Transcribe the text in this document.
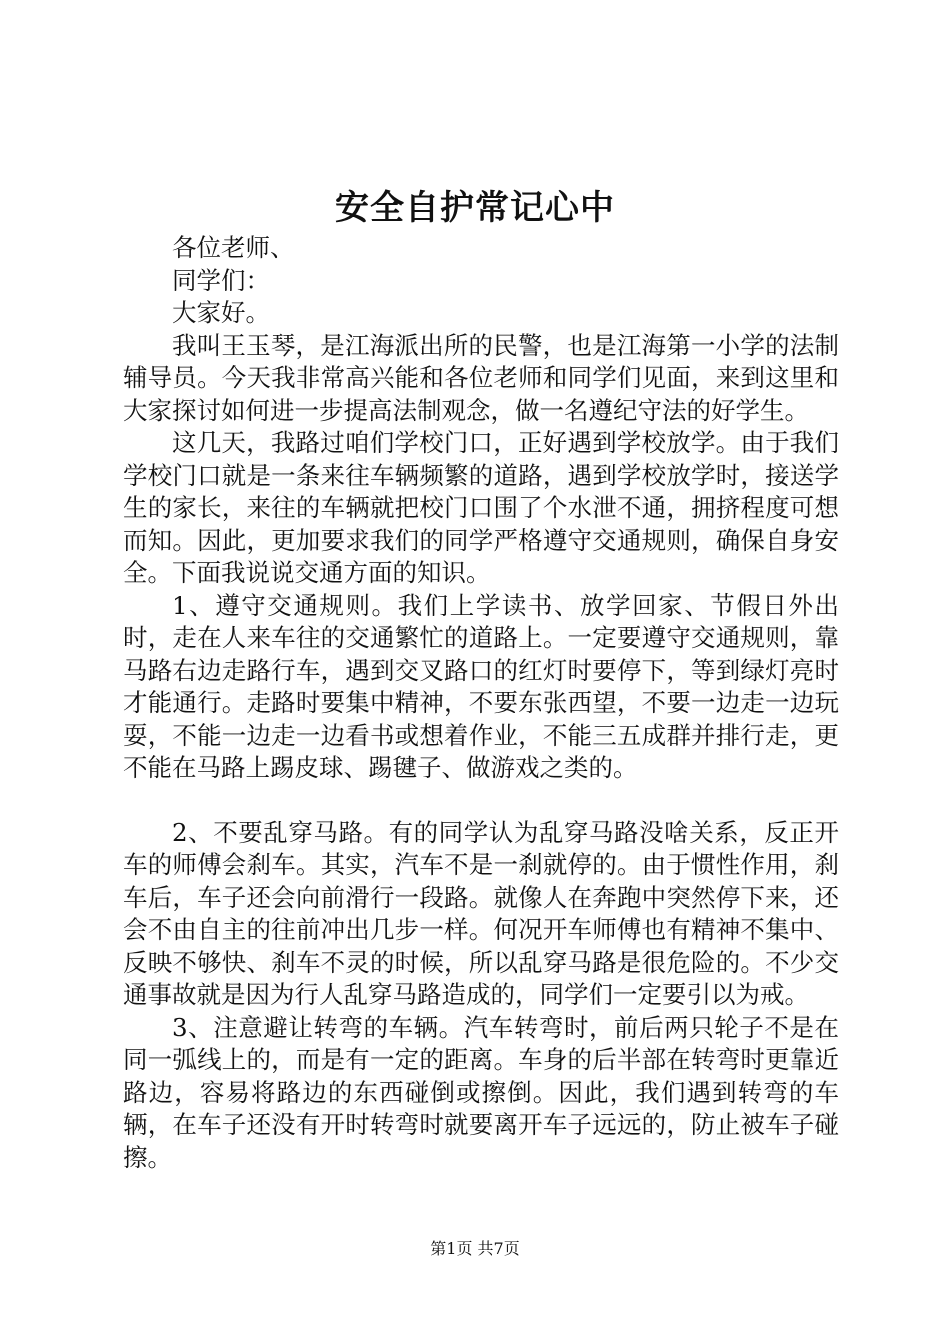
安全自护常记心中

各位老师、

同学们：

大家好。

我叫王玉琴，是江海派出所的民警，也是江海第一小学的法制辅导员。今天我非常高兴能和各位老师和同学们见面，来到这里和大家探讨如何进一步提高法制观念，做一名遵纪守法的好学生。

这几天，我路过咱们学校门口，正好遇到学校放学。由于我们学校门口就是一条来往车辆频繁的道路，遇到学校放学时，接送学生的家长，来往的车辆就把校门口围了个水泄不通，拥挤程度可想而知。因此，更加要求我们的同学严格遵守交通规则，确保自身安全。下面我说说交通方面的知识。

1、遵守交通规则。我们上学读书、放学回家、节假日外出时，走在人来车往的交通繁忙的道路上。一定要遵守交通规则，靠马路右边走路行车，遇到交叉路口的红灯时要停下，等到绿灯亮时才能通行。走路时要集中精神，不要东张西望，不要一边走一边玩耍，不能一边走一边看书或想着作业，不能三五成群并排行走，更不能在马路上踢皮球、踢毽子、做游戏之类的。

2、不要乱穿马路。有的同学认为乱穿马路没啥关系，反正开车的师傅会刹车。其实，汽车不是一刹就停的。由于惯性作用，刹车后，车子还会向前滑行一段路。就像人在奔跑中突然停下来，还会不由自主的往前冲出几步一样。何况开车师傅也有精神不集中、反映不够快、刹车不灵的时候，所以乱穿马路是很危险的。不少交通事故就是因为行人乱穿马路造成的，同学们一定要引以为戒。

3、注意避让转弯的车辆。汽车转弯时，前后两只轮子不是在同一弧线上的，而是有一定的距离。车身的后半部在转弯时更靠近路边，容易将路边的东西碰倒或擦倒。因此，我们遇到转弯的车辆，在车子还没有开时转弯时就要离开车子远远的，防止被车子碰擦。

第1页 共7页
